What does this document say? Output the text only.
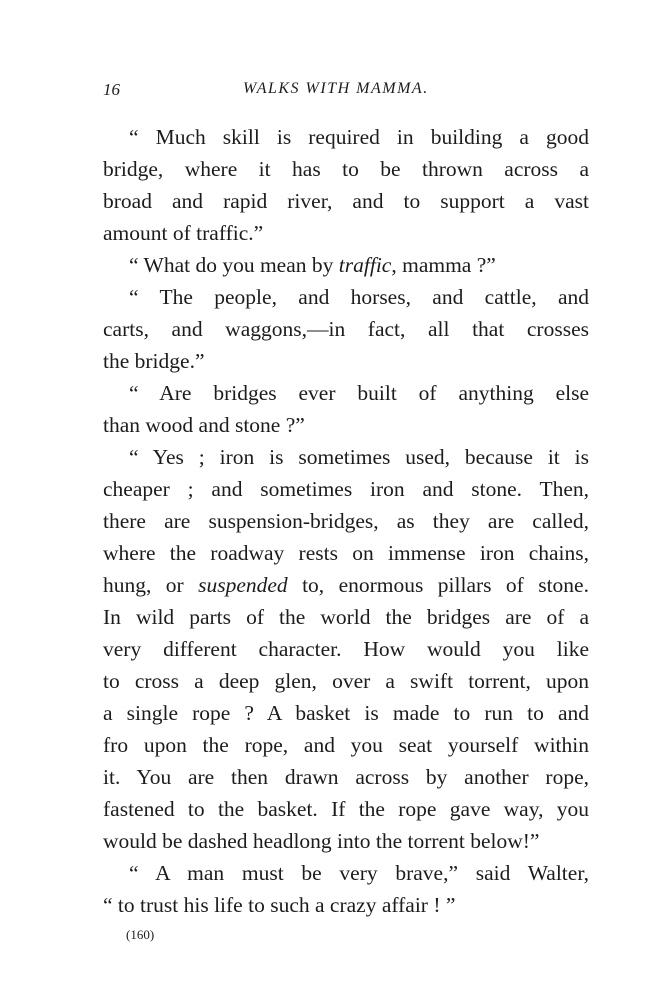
16	WALKS WITH MAMMA.

“ Much skill is required in building a good
bridge, where it has to be thrown across a
broad and rapid river, and to support a vast
amount of traffic.”

“ What do you mean by traffic, mamma ?”

“ The people, and horses, and cattle, and
carts, and waggons,—in fact, all that crosses
the bridge.”

“ Are bridges ever built of anything else
than wood and stone ?”

“ Yes ; iron is sometimes used, because it is
cheaper ; and sometimes iron and stone. Then,
there are suspension-bridges, as they are called,
where the roadway rests on immense iron chains,
hung, or suspended to, enormous pillars of stone.
In wild parts of the world the bridges are of a
very different character. How would you like
to cross a deep glen, over a swift torrent, upon
a single rope ? A basket is made to run to and
fro upon the rope, and you seat yourself within
it. You are then drawn across by another rope,
fastened to the basket. If the rope gave way, you
would be dashed headlong into the torrent below!”

“ A man must be very brave,” said Walter,
“ to trust his life to such a crazy affair ! ”

(160)
